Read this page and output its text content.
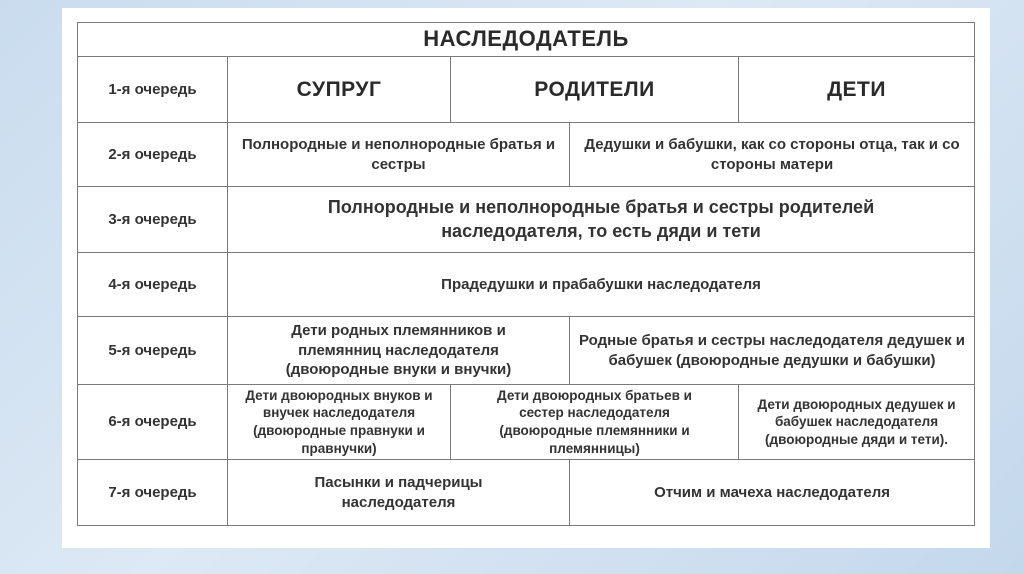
НАСЛЕДОДАТЕЛЬ				
1-я очередь	СУПРУГ	РОДИТЕЛИ		ДЕТИ
2-я очередь	Полнородные и неполнородные братья и сестры		Дедушки и бабушки, как со стороны отца, так и со стороны матери	
3-я очередь	Полнородные и неполнородные братья и сестры родителей наследодателя, то есть дяди и тети			
4-я очередь	Прадедушки и прабабушки наследодателя			
5-я очередь	Дети родных племянников и племянниц наследодателя (двоюродные внуки и внучки)		Родные братья и сестры наследодателя дедушек и бабушек (двоюродные дедушки и бабушки)	
6-я очередь	Дети двоюродных внуков и внучек наследодателя (двоюродные правнуки и правнучки)	Дети двоюродных братьев и сестер наследодателя (двоюродные племянники и племянницы)		Дети двоюродных дедушек и бабушек наследодателя (двоюродные дяди и тети).
7-я очередь	Пасынки и падчерицы наследодателя		Отчим и мачеха наследодателя	
